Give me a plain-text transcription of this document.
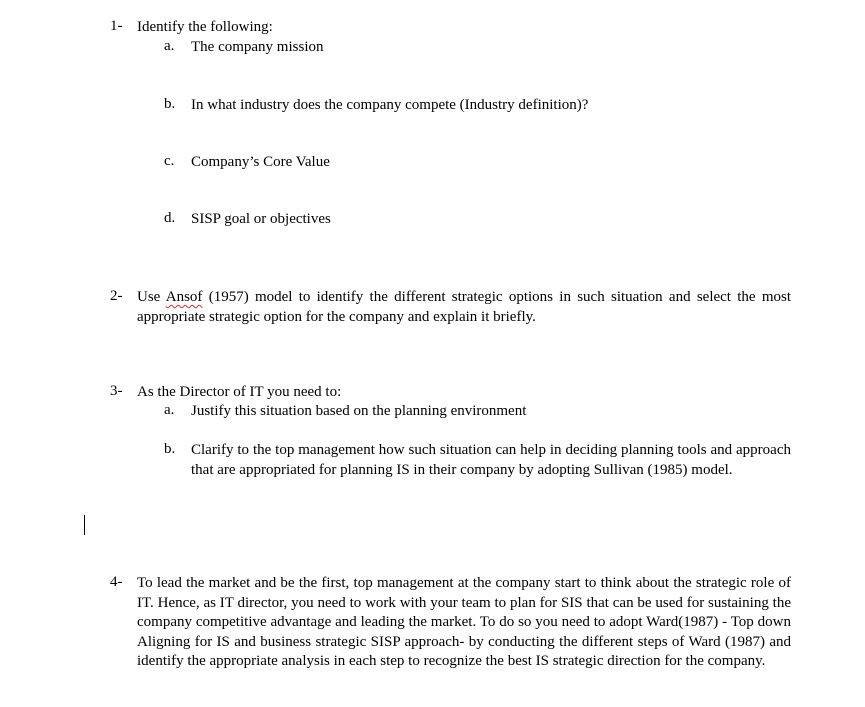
1- Identify the following:
a. The company mission
b. In what industry does the company compete (Industry definition)?
c. Company’s Core Value
d. SISP goal or objectives
2- Use Ansof (1957) model to identify the different strategic options in such situation and select the most appropriate strategic option for the company and explain it briefly.
3- As the Director of IT you need to:
a. Justify this situation based on the planning environment
b. Clarify to the top management how such situation can help in deciding planning tools and approach that are appropriated for planning IS in their company by adopting Sullivan (1985) model.
4- To lead the market and be the first, top management at the company start to think about the strategic role of IT. Hence, as IT director, you need to work with your team to plan for SIS that can be used for sustaining the company competitive advantage and leading the market. To do so you need to adopt Ward(1987) - Top down Aligning for IS and business strategic SISP approach- by conducting the different steps of Ward (1987) and identify the appropriate analysis in each step to recognize the best IS strategic direction for the company.
